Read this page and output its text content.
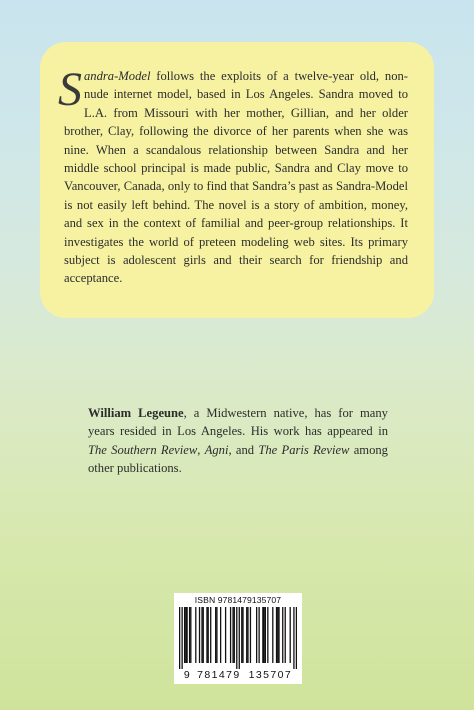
Sandra-Model follows the exploits of a twelve-year old, non-nude internet model, based in Los Angeles. Sandra moved to L.A. from Missouri with her mother, Gillian, and her older brother, Clay, following the divorce of her parents when she was nine. When a scandalous relationship between Sandra and her middle school principal is made public, Sandra and Clay move to Vancouver, Canada, only to find that Sandra’s past as Sandra-Model is not easily left behind. The novel is a story of ambition, money, and sex in the context of familial and peer-group relationships. It investigates the world of preteen modeling web sites. Its primary subject is adolescent girls and their search for friendship and acceptance.

William Legeune, a Midwestern native, has for many years resided in Los Angeles. His work has appeared in The Southern Review, Agni, and The Paris Review among other publications.

ISBN 9781479135707
9 781479 135707
